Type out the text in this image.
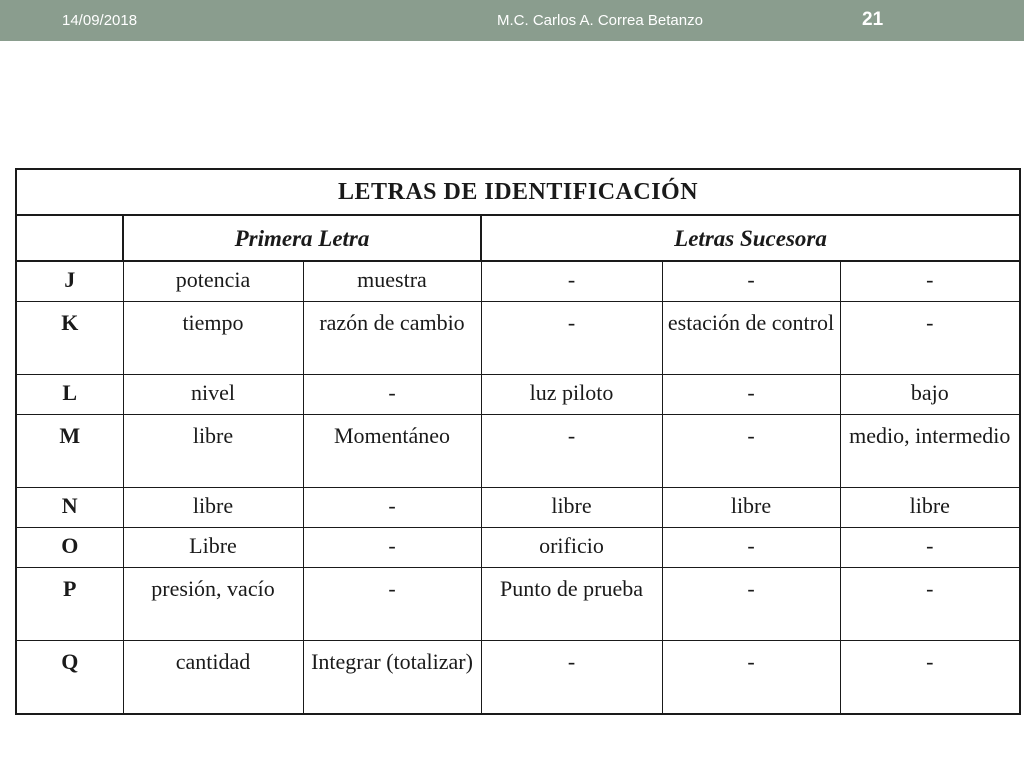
14/09/2018	M.C. Carlos A. Correa Betanzo	21
LETRAS DE IDENTIFICACIÓN					
	Primera Letra		Letras Sucesora		
J	potencia	muestra	-	-	-
K	tiempo	razón de cambio	-	estación de control	-
L	nivel	-	luz piloto	-	bajo
M	libre	Momentáneo	-	-	medio, intermedio
N	libre	-	libre	libre	libre
O	Libre	-	orificio	-	-
P	presión, vacío	-	Punto de prueba	-	-
Q	cantidad	Integrar (totalizar)	-	-	-
